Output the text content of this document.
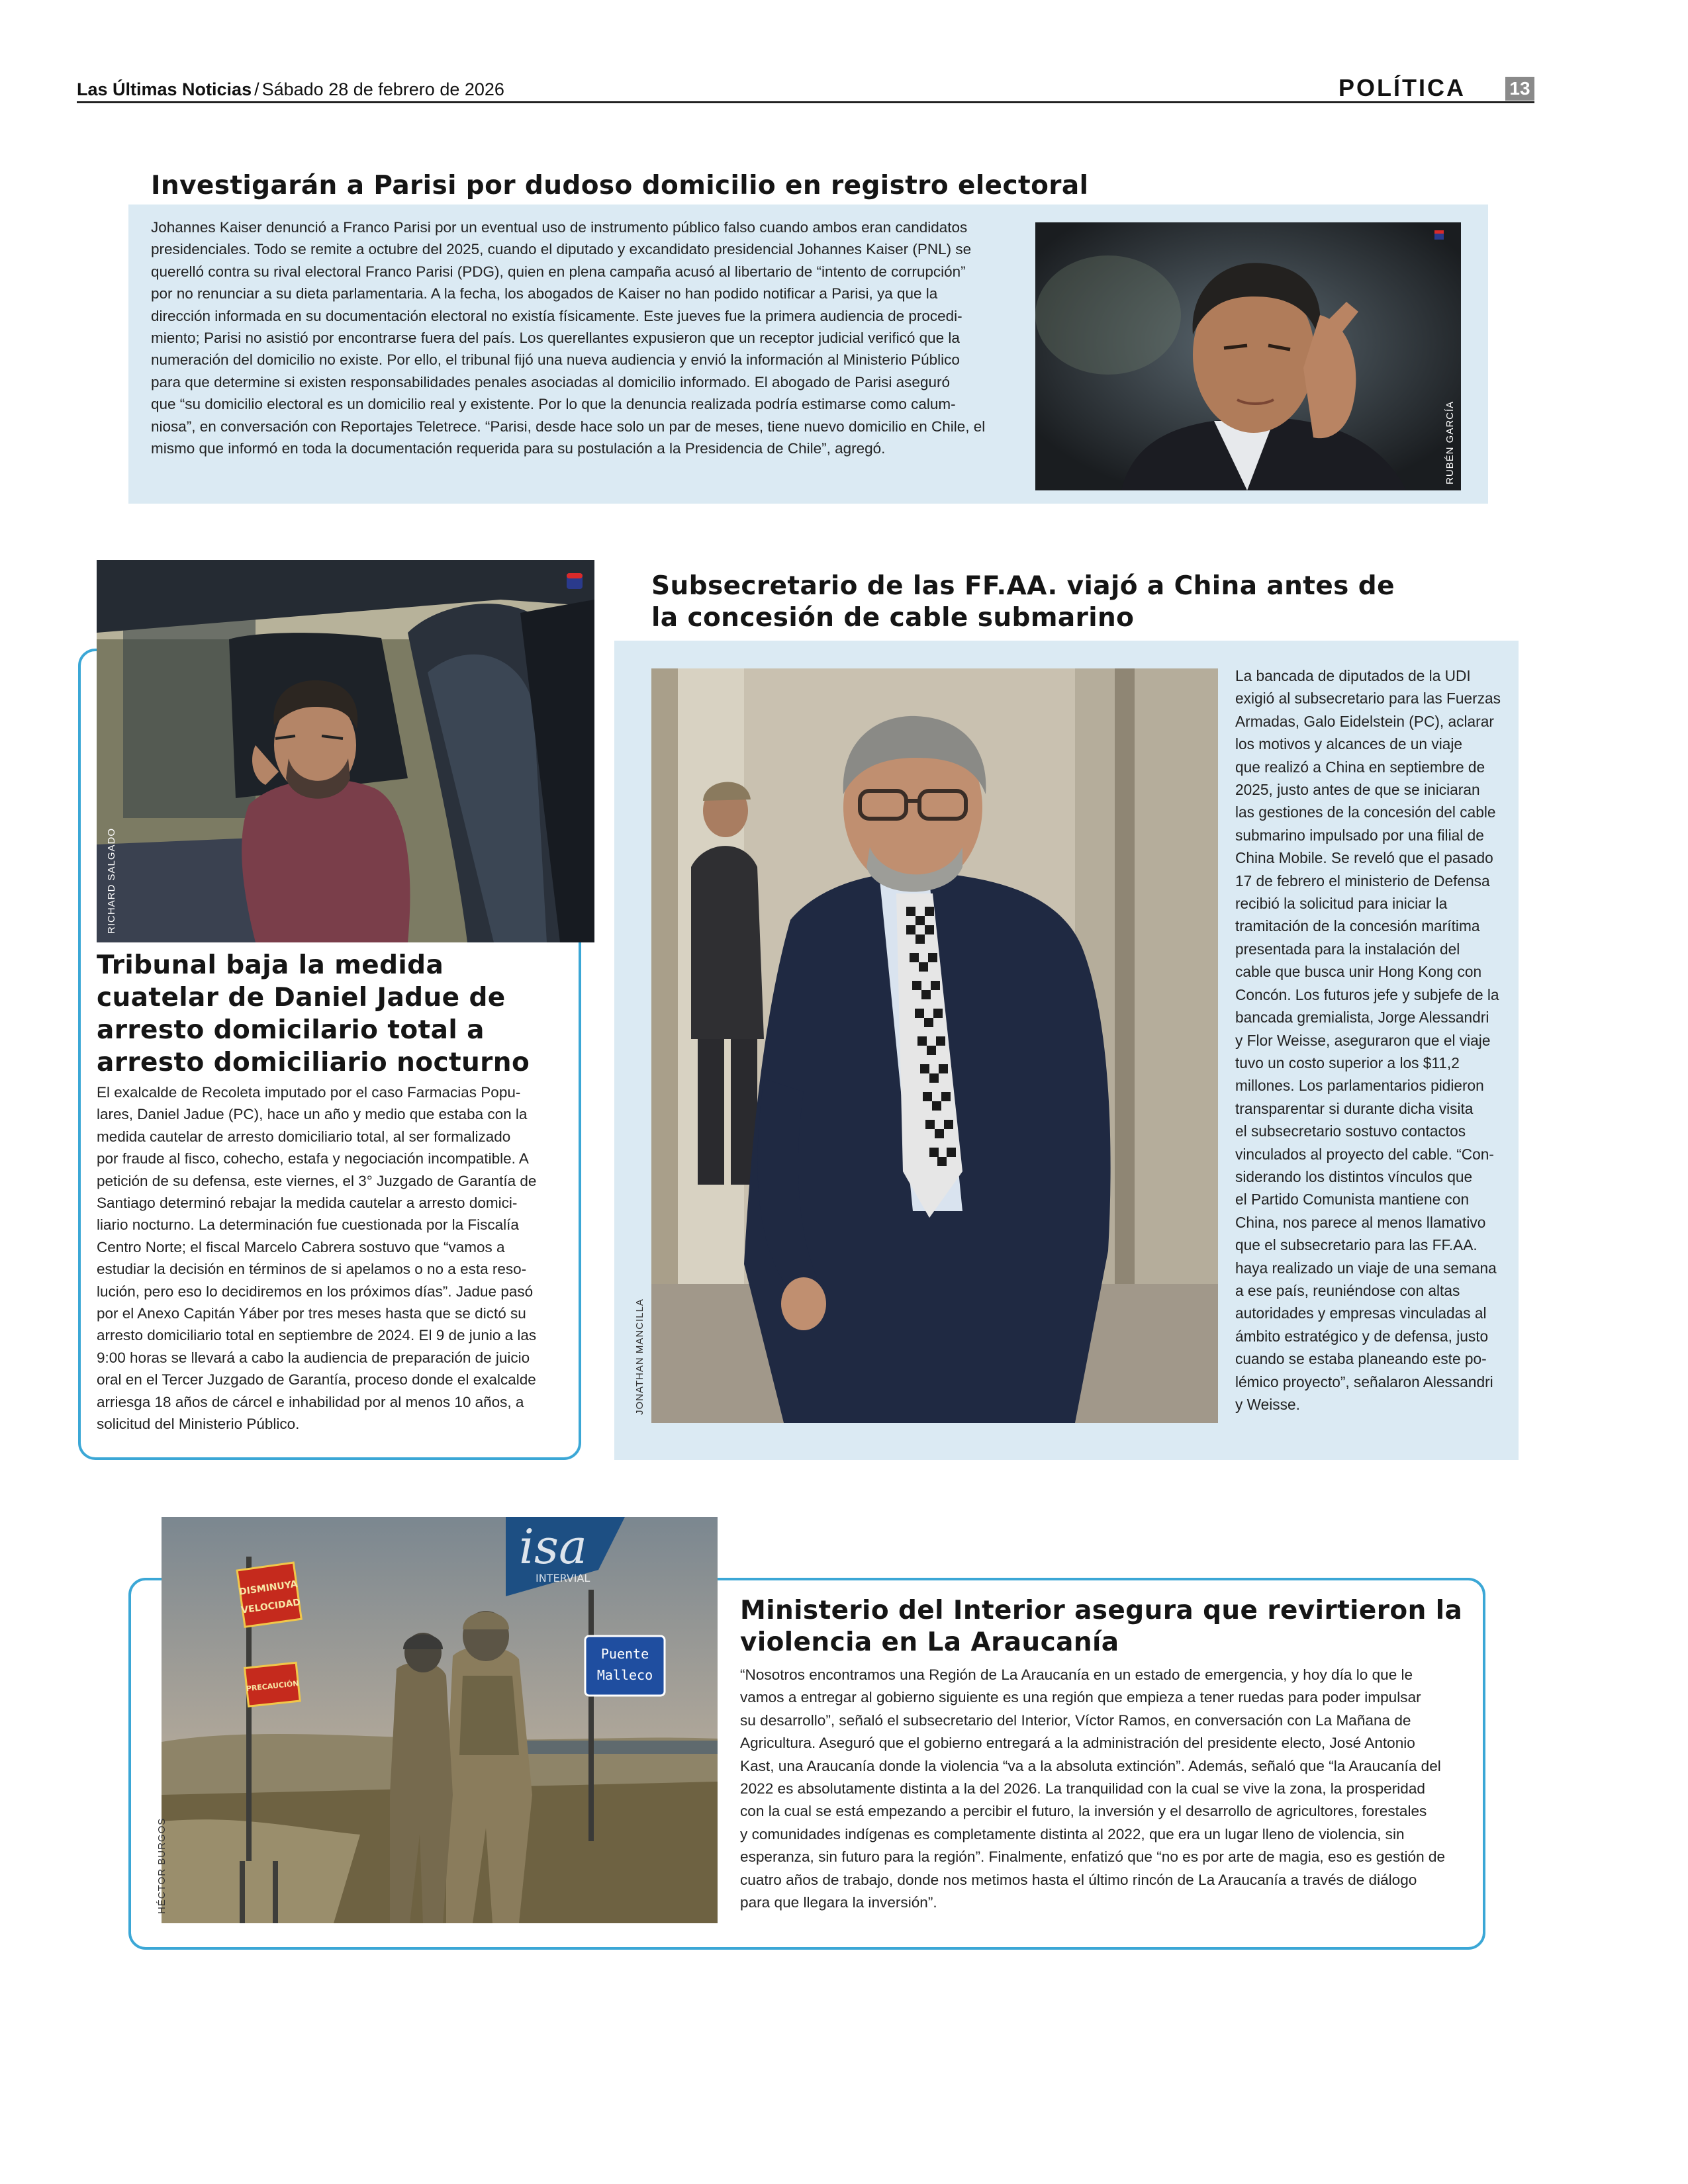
Las Últimas Noticias / Sábado 28 de febrero de 2026	POLÍTICA 13
Investigarán a Parisi por dudoso domicilio en registro electoral
Johannes Kaiser denunció a Franco Parisi por un eventual uso de instrumento público falso cuando ambos eran candidatos
presidenciales. Todo se remite a octubre del 2025, cuando el diputado y excandidato presidencial Johannes Kaiser (PNL) se
querelló contra su rival electoral Franco Parisi (PDG), quien en plena campaña acusó al libertario de “intento de corrupción”
por no renunciar a su dieta parlamentaria. A la fecha, los abogados de Kaiser no han podido notificar a Parisi, ya que la
dirección informada en su documentación electoral no existía físicamente. Este jueves fue la primera audiencia de procedi-
miento; Parisi no asistió por encontrarse fuera del país. Los querellantes expusieron que un receptor judicial verificó que la
numeración del domicilio no existe. Por ello, el tribunal fijó una nueva audiencia y envió la información al Ministerio Público
para que determine si existen responsabilidades penales asociadas al domicilio informado. El abogado de Parisi aseguró
que “su domicilio electoral es un domicilio real y existente. Por lo que la denuncia realizada podría estimarse como calum-
niosa”, en conversación con Reportajes Teletrece. “Parisi, desde hace solo un par de meses, tiene nuevo domicilio en Chile, el
mismo que informó en toda la documentación requerida para su postulación a la Presidencia de Chile”, agregó.	RUBÉN GARCÍA
RICHARD SALGADO
Tribunal baja la medida
cuatelar de Daniel Jadue de
arresto domicilario total a
arresto domiciliario nocturno
El exalcalde de Recoleta imputado por el caso Farmacias Popu-
lares, Daniel Jadue (PC), hace un año y medio que estaba con la
medida cautelar de arresto domiciliario total, al ser formalizado
por fraude al fisco, cohecho, estafa y negociación incompatible. A
petición de su defensa, este viernes, el 3° Juzgado de Garantía de
Santiago determinó rebajar la medida cautelar a arresto domici-
liario nocturno. La determinación fue cuestionada por la Fiscalía
Centro Norte; el fiscal Marcelo Cabrera sostuvo que “vamos a
estudiar la decisión en términos de si apelamos o no a esta reso-
lución, pero eso lo decidiremos en los próximos días”. Jadue pasó
por el Anexo Capitán Yáber por tres meses hasta que se dictó su
arresto domiciliario total en septiembre de 2024. El 9 de junio a las
9:00 horas se llevará a cabo la audiencia de preparación de juicio
oral en el Tercer Juzgado de Garantía, proceso donde el exalcalde
arriesga 18 años de cárcel e inhabilidad por al menos 10 años, a
solicitud del Ministerio Público.
Subsecretario de las FF.AA. viajó a China antes de
la concesión de cable submarino
JONATHAN MANCILLA
La bancada de diputados de la UDI
exigió al subsecretario para las Fuerzas
Armadas, Galo Eidelstein (PC), aclarar
los motivos y alcances de un viaje
que realizó a China en septiembre de
2025, justo antes de que se iniciaran
las gestiones de la concesión del cable
submarino impulsado por una filial de
China Mobile. Se reveló que el pasado
17 de febrero el ministerio de Defensa
recibió la solicitud para iniciar la
tramitación de la concesión marítima
presentada para la instalación del
cable que busca unir Hong Kong con
Concón. Los futuros jefe y subjefe de la
bancada gremialista, Jorge Alessandri
y Flor Weisse, aseguraron que el viaje
tuvo un costo superior a los $11,2
millones. Los parlamentarios pidieron
transparentar si durante dicha visita
el subsecretario sostuvo contactos
vinculados al proyecto del cable. “Con-
siderando los distintos vínculos que
el Partido Comunista mantiene con
China, nos parece al menos llamativo
que el subsecretario para las FF.AA.
haya realizado un viaje de una semana
a ese país, reuniéndose con altas
autoridades y empresas vinculadas al
ámbito estratégico y de defensa, justo
cuando se estaba planeando este po-
lémico proyecto”, señalaron Alessandri
y Weisse.
isa
INTERVIAL
Puente
Malleco
DISMINUYA
VELOCIDAD
PRECAUCIÓN
HÉCTOR BURGOS
Ministerio del Interior asegura que revirtieron la
violencia en La Araucanía
“Nosotros encontramos una Región de La Araucanía en un estado de emergencia, y hoy día lo que le
vamos a entregar al gobierno siguiente es una región que empieza a tener ruedas para poder impulsar
su desarrollo”, señaló el subsecretario del Interior, Víctor Ramos, en conversación con La Mañana de
Agricultura. Aseguró que el gobierno entregará a la administración del presidente electo, José Antonio
Kast, una Araucanía donde la violencia “va a la absoluta extinción”. Además, señaló que “la Araucanía del
2022 es absolutamente distinta a la del 2026. La tranquilidad con la cual se vive la zona, la prosperidad
con la cual se está empezando a percibir el futuro, la inversión y el desarrollo de agricultores, forestales
y comunidades indígenas es completamente distinta al 2022, que era un lugar lleno de violencia, sin
esperanza, sin futuro para la región”. Finalmente, enfatizó que “no es por arte de magia, eso es gestión de
cuatro años de trabajo, donde nos metimos hasta el último rincón de La Araucanía a través de diálogo
para que llegara la inversión”.
